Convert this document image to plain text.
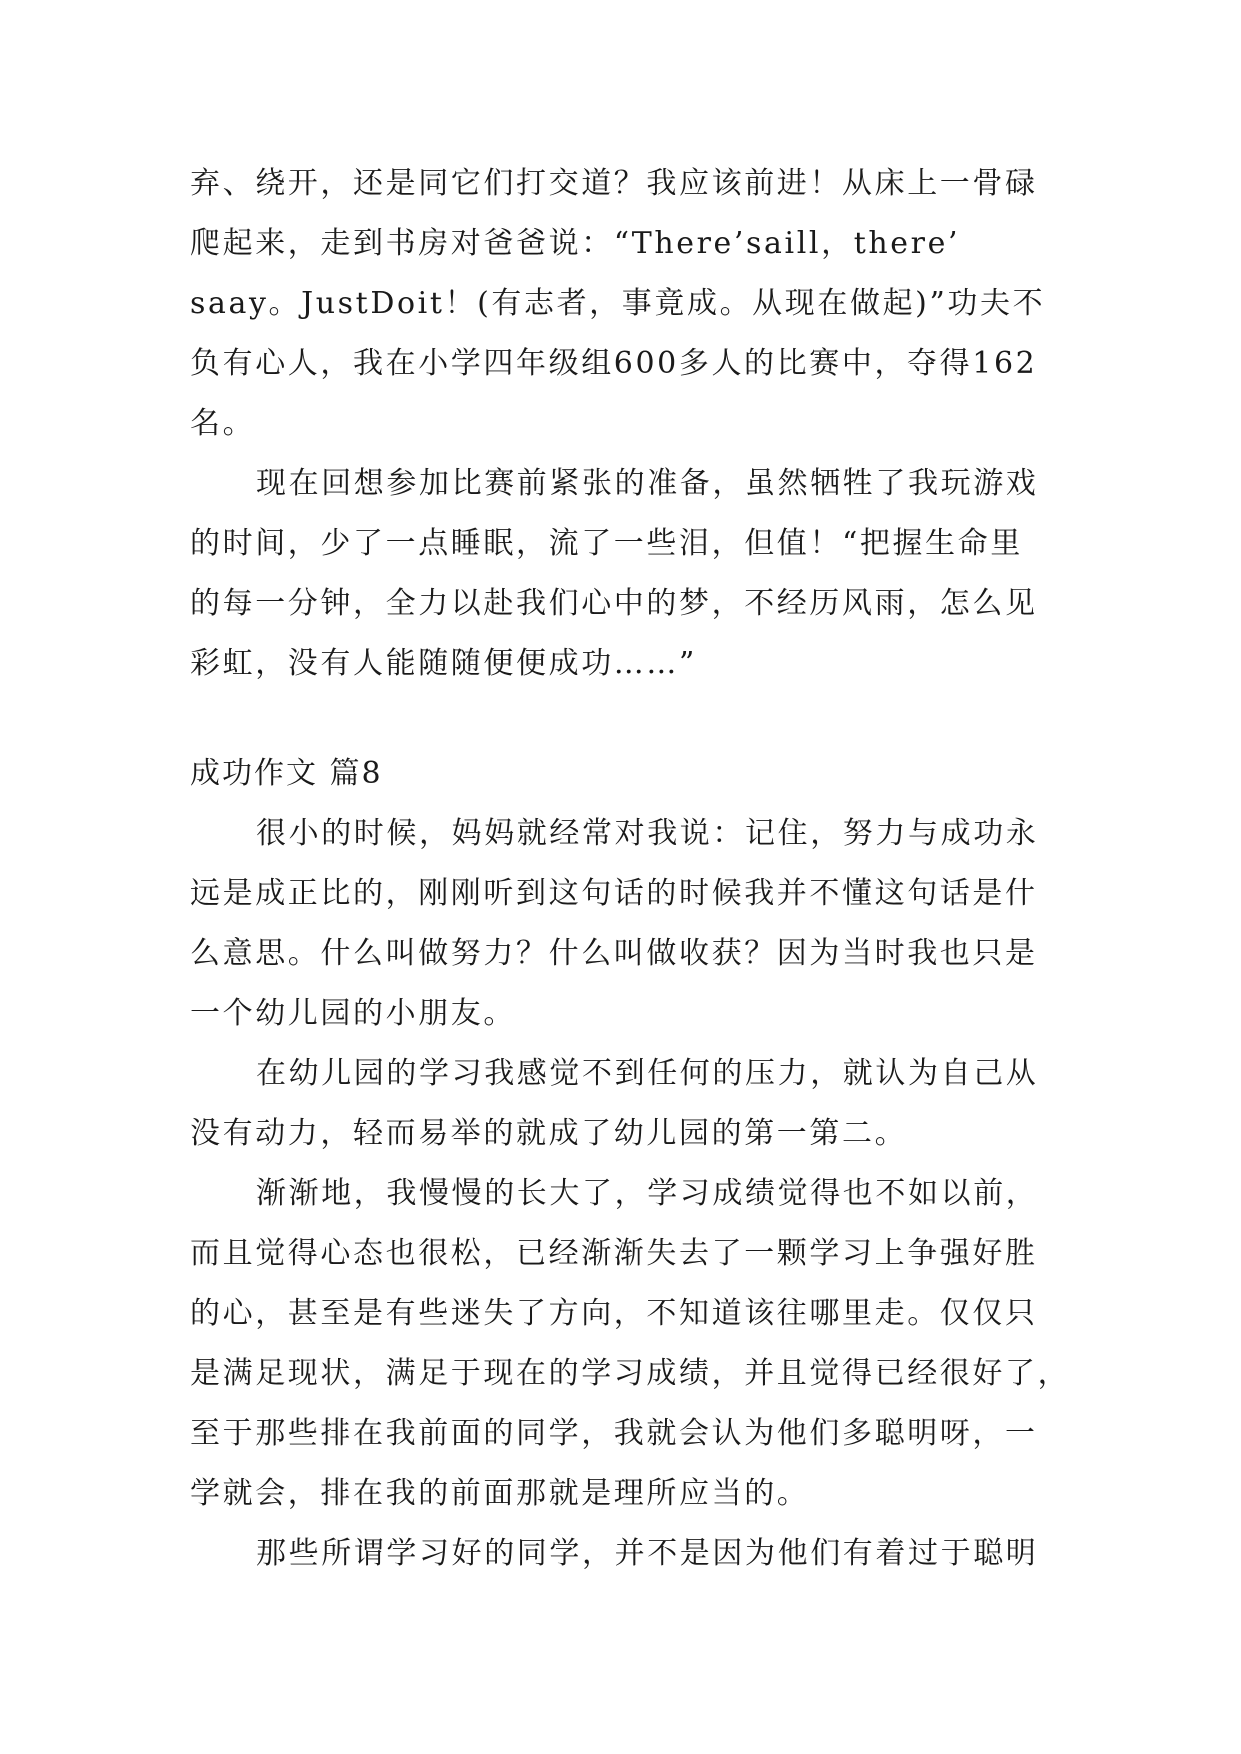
弃、绕开，还是同它们打交道？我应该前进！从床上一骨碌
爬起来，走到书房对爸爸说：“There’saill，there’
saay。JustDoit！(有志者，事竟成。从现在做起)”功夫不
负有心人，我在小学四年级组600多人的比赛中，夺得162
名。
现在回想参加比赛前紧张的准备，虽然牺牲了我玩游戏
的时间，少了一点睡眠，流了一些泪，但值！“把握生命里
的每一分钟，全力以赴我们心中的梦，不经历风雨，怎么见
彩虹，没有人能随随便便成功……”
成功作文 篇8
很小的时候，妈妈就经常对我说：记住，努力与成功永
远是成正比的，刚刚听到这句话的时候我并不懂这句话是什
么意思。什么叫做努力？什么叫做收获？因为当时我也只是
一个幼儿园的小朋友。
在幼儿园的学习我感觉不到任何的压力，就认为自己从
没有动力，轻而易举的就成了幼儿园的第一第二。
渐渐地，我慢慢的长大了，学习成绩觉得也不如以前，
而且觉得心态也很松，已经渐渐失去了一颗学习上争强好胜
的心，甚至是有些迷失了方向，不知道该往哪里走。仅仅只
是满足现状，满足于现在的学习成绩，并且觉得已经很好了，
至于那些排在我前面的同学，我就会认为他们多聪明呀，一
学就会，排在我的前面那就是理所应当的。
那些所谓学习好的同学，并不是因为他们有着过于聪明
